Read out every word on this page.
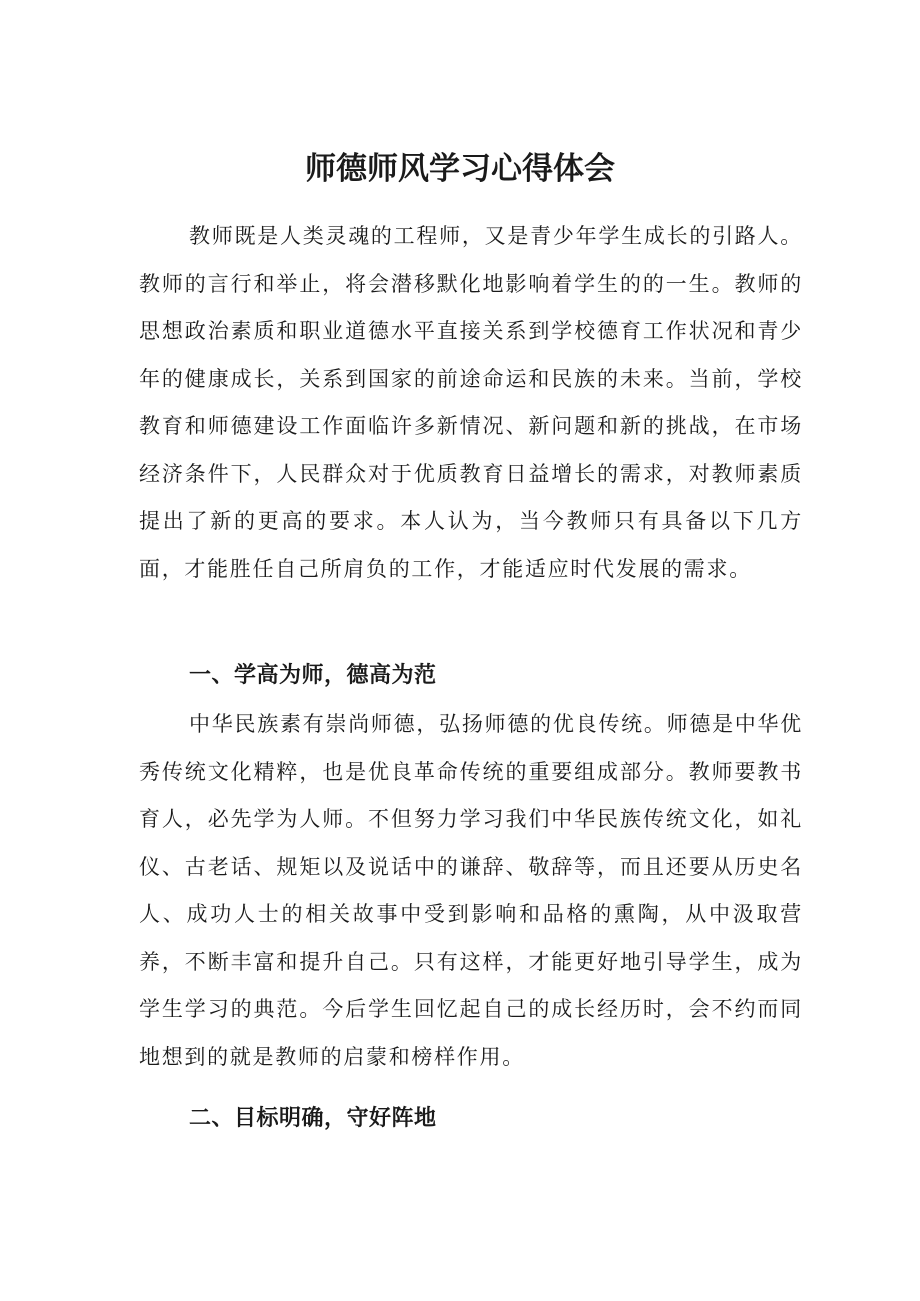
师德师风学习心得体会

教师既是人类灵魂的工程师，又是青少年学生成长的引路人。教师的言行和举止，将会潜移默化地影响着学生的的一生。教师的思想政治素质和职业道德水平直接关系到学校德育工作状况和青少年的健康成长，关系到国家的前途命运和民族的未来。当前，学校教育和师德建设工作面临许多新情况、新问题和新的挑战，在市场经济条件下，人民群众对于优质教育日益增长的需求，对教师素质提出了新的更高的要求。本人认为，当今教师只有具备以下几方面，才能胜任自己所肩负的工作，才能适应时代发展的需求。

一、学高为师，德高为范

中华民族素有崇尚师德，弘扬师德的优良传统。师德是中华优秀传统文化精粹，也是优良革命传统的重要组成部分。教师要教书育人，必先学为人师。不但努力学习我们中华民族传统文化，如礼仪、古老话、规矩以及说话中的谦辞、敬辞等，而且还要从历史名人、成功人士的相关故事中受到影响和品格的熏陶，从中汲取营养，不断丰富和提升自己。只有这样，才能更好地引导学生，成为学生学习的典范。今后学生回忆起自己的成长经历时，会不约而同地想到的就是教师的启蒙和榜样作用。

二、目标明确，守好阵地
